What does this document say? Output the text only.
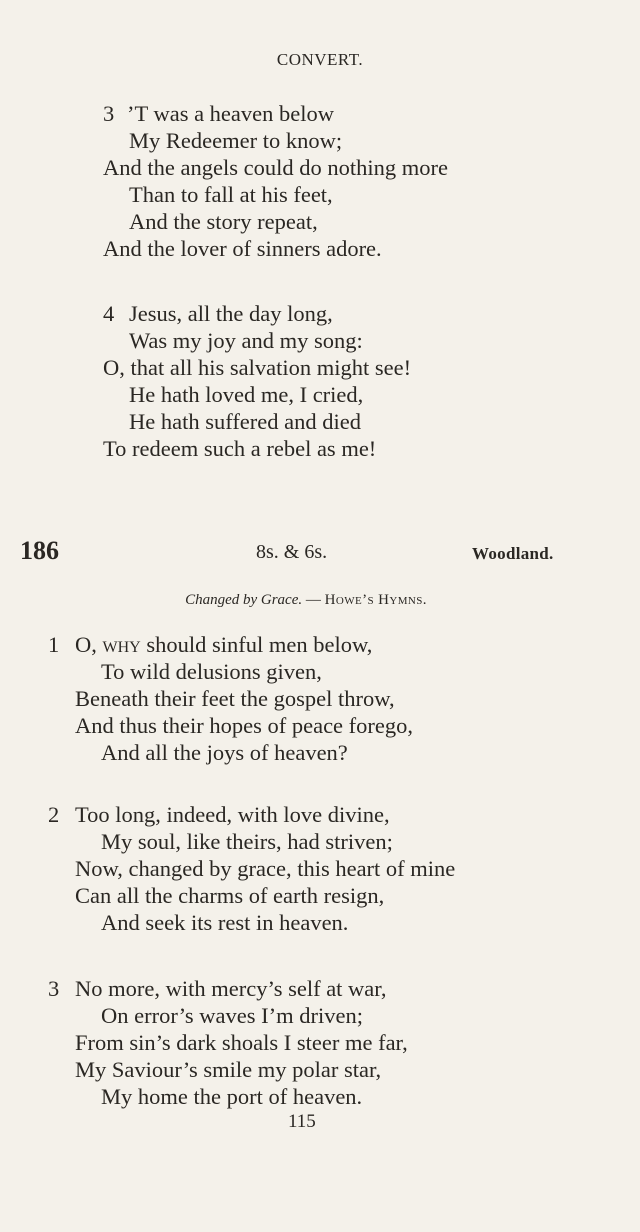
CONVERT.
3 ’T was a heaven below
My Redeemer to know;
And the angels could do nothing more
Than to fall at his feet,
And the story repeat,
And the lover of sinners adore.
4 Jesus, all the day long,
Was my joy and my song:
O, that all his salvation might see!
He hath loved me, I cried,
He hath suffered and died
To redeem such a rebel as me!
186	8s. & 6s.	Woodland.
Changed by Grace. — Howe’s Hymns.
1 O, why should sinful men below,
To wild delusions given,
Beneath their feet the gospel throw,
And thus their hopes of peace forego,
And all the joys of heaven?
2 Too long, indeed, with love divine,
My soul, like theirs, had striven;
Now, changed by grace, this heart of mine
Can all the charms of earth resign,
And seek its rest in heaven.
3 No more, with mercy’s self at war,
On error’s waves I’m driven;
From sin’s dark shoals I steer me far,
My Saviour’s smile my polar star,
My home the port of heaven.
115
